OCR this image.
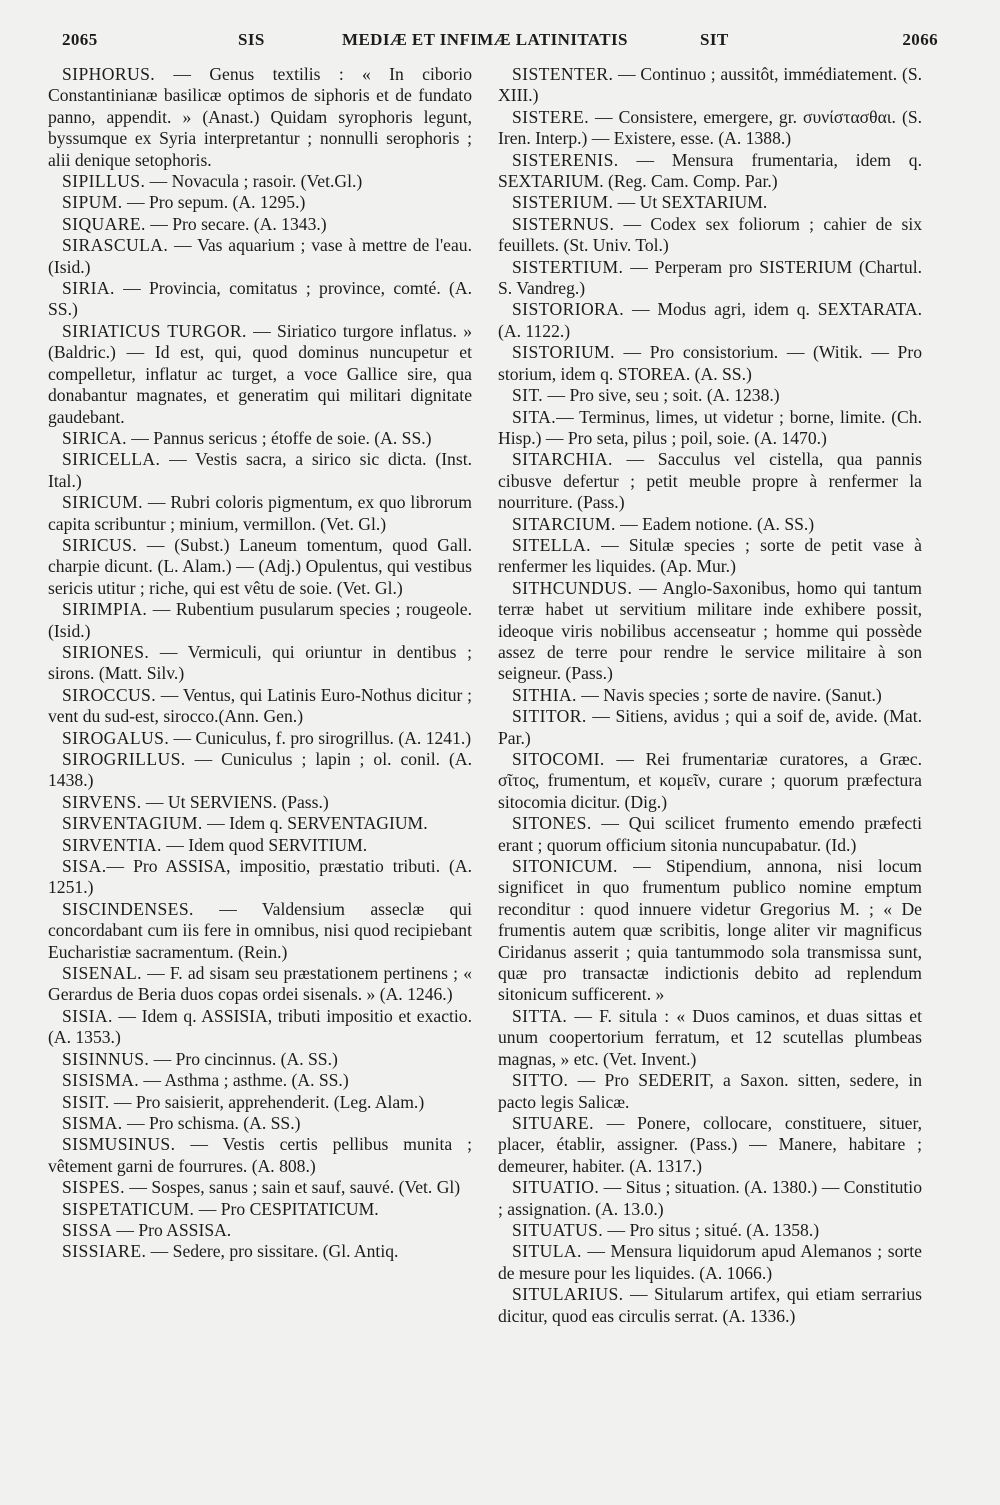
2065	SIS	MEDIÆ ET INFIMÆ LATINITATIS	SIT	2066

SIPHORUS. — Genus textilis : « In ciborio Constantinianæ basilicæ optimos de siphoris et de fundato panno, appendit. » (Anast.) Quidam syrophoris legunt, byssumque ex Syria interpretantur ; nonnulli serophoris ; alii denique setophoris.

SIPILLUS. — Novacula ; rasoir. (Vet.Gl.)

SIPUM. — Pro sepum. (A. 1295.)

SIQUARE. — Pro secare. (A. 1343.)

SIRASCULA. — Vas aquarium ; vase à mettre de l'eau. (Isid.)

SIRIA. — Provincia, comitatus ; province, comté. (A. SS.)

SIRIATICUS TURGOR. — Siriatico turgore inflatus. » (Baldric.) — Id est, qui, quod dominus nuncupetur et compelletur, inflatur ac turget, a voce Gallice sire, qua donabantur magnates, et generatim qui militari dignitate gaudebant.

SIRICA. — Pannus sericus ; étoffe de soie. (A. SS.)

SIRICELLA. — Vestis sacra, a sirico sic dicta. (Inst. Ital.)

SIRICUM. — Rubri coloris pigmentum, ex quo librorum capita scribuntur ; minium, vermillon. (Vet. Gl.)

SIRICUS. — (Subst.) Laneum tomentum, quod Gall. charpie dicunt. (L. Alam.) — (Adj.) Opulentus, qui vestibus sericis utitur ; riche, qui est vêtu de soie. (Vet. Gl.)

SIRIMPIA. — Rubentium pusularum species ; rougeole. (Isid.)

SIRIONES. — Vermiculi, qui oriuntur in dentibus ; sirons. (Matt. Silv.)

SIROCCUS. — Ventus, qui Latinis Euro-Nothus dicitur ; vent du sud-est, sirocco.(Ann. Gen.)

SIROGALUS. — Cuniculus, f. pro sirogrillus. (A. 1241.)

SIROGRILLUS. — Cuniculus ; lapin ; ol. conil. (A. 1438.)

SIRVENS. — Ut SERVIENS. (Pass.)

SIRVENTAGIUM. — Idem q. SERVENTAGIUM.

SIRVENTIA. — Idem quod SERVITIUM.

SISA.— Pro ASSISA, impositio, præstatio tributi. (A. 1251.)

SISCINDENSES. — Valdensium asseclæ qui concordabant cum iis fere in omnibus, nisi quod recipiebant Eucharistiæ sacramentum. (Rein.)

SISENAL. — F. ad sisam seu præstationem pertinens ; « Gerardus de Beria duos copas ordei sisenals. » (A. 1246.)

SISIA. — Idem q. ASSISIA, tributi impositio et exactio. (A. 1353.)

SISINNUS. — Pro cincinnus. (A. SS.)

SISISMA. — Asthma ; asthme. (A. SS.)

SISIT. — Pro saisierit, apprehenderit. (Leg. Alam.)

SISMA. — Pro schisma. (A. SS.)

SISMUSINUS. — Vestis certis pellibus munita ; vêtement garni de fourrures. (A. 808.)

SISPES. — Sospes, sanus ; sain et sauf, sauvé. (Vet. Gl)

SISPETATICUM. — Pro CESPITATICUM.

SISSA — Pro ASSISA.

SISSIARE. — Sedere, pro sissitare. (Gl. Antiq.

SISTENTER. — Continuo ; aussitôt, immédiatement. (S. XIII.)

SISTERE. — Consistere, emergere, gr. συνίστασθαι. (S. Iren. Interp.) — Existere, esse. (A. 1388.)

SISTERENIS. — Mensura frumentaria, idem q. SEXTARIUM. (Reg. Cam. Comp. Par.)

SISTERIUM. — Ut SEXTARIUM.

SISTERNUS. — Codex sex foliorum ; cahier de six feuillets. (St. Univ. Tol.)

SISTERTIUM. — Perperam pro SISTERIUM (Chartul. S. Vandreg.)

SISTORIORA. — Modus agri, idem q. SEXTARATA. (A. 1122.)

SISTORIUM. — Pro consistorium. — (Witik. — Pro storium, idem q. STOREA. (A. SS.)

SIT. — Pro sive, seu ; soit. (A. 1238.)

SITA.— Terminus, limes, ut videtur ; borne, limite. (Ch. Hisp.) — Pro seta, pilus ; poil, soie. (A. 1470.)

SITARCHIA. — Sacculus vel cistella, qua pannis cibusve defertur ; petit meuble propre à renfermer la nourriture. (Pass.)

SITARCIUM. — Eadem notione. (A. SS.)

SITELLA. — Situlæ species ; sorte de petit vase à renfermer les liquides. (Ap. Mur.)

SITHCUNDUS. — Anglo-Saxonibus, homo qui tantum terræ habet ut servitium militare inde exhibere possit, ideoque viris nobilibus accenseatur ; homme qui possède assez de terre pour rendre le service militaire à son seigneur. (Pass.)

SITHIA. — Navis species ; sorte de navire. (Sanut.)

SITITOR. — Sitiens, avidus ; qui a soif de, avide. (Mat. Par.)

SITOCOMI. — Rei frumentariæ curatores, a Græc. σῖτος, frumentum, et κομεῖν, curare ; quorum præfectura sitocomia dicitur. (Dig.)

SITONES. — Qui scilicet frumento emendo præfecti erant ; quorum officium sitonia nuncupabatur. (Id.)

SITONICUM. — Stipendium, annona, nisi locum significet in quo frumentum publico nomine emptum reconditur : quod innuere videtur Gregorius M. ; « De frumentis autem quæ scribitis, longe aliter vir magnificus Ciridanus asserit ; quia tantummodo sola transmissa sunt, quæ pro transactæ indictionis debito ad replendum sitonicum sufficerent. »

SITTA. — F. situla : « Duos caminos, et duas sittas et unum coopertorium ferratum, et 12 scutellas plumbeas magnas, » etc. (Vet. Invent.)

SITTO. — Pro SEDERIT, a Saxon. sitten, sedere, in pacto legis Salicæ.

SITUARE. — Ponere, collocare, constituere, situer, placer, établir, assigner. (Pass.) — Manere, habitare ; demeurer, habiter. (A. 1317.)

SITUATIO. — Situs ; situation. (A. 1380.) — Constitutio ; assignation. (A. 13.0.)

SITUATUS. — Pro situs ; situé. (A. 1358.)

SITULA. — Mensura liquidorum apud Alemanos ; sorte de mesure pour les liquides. (A. 1066.)

SITULARIUS. — Sitularum artifex, qui etiam serrarius dicitur, quod eas circulis serrat. (A. 1336.)
